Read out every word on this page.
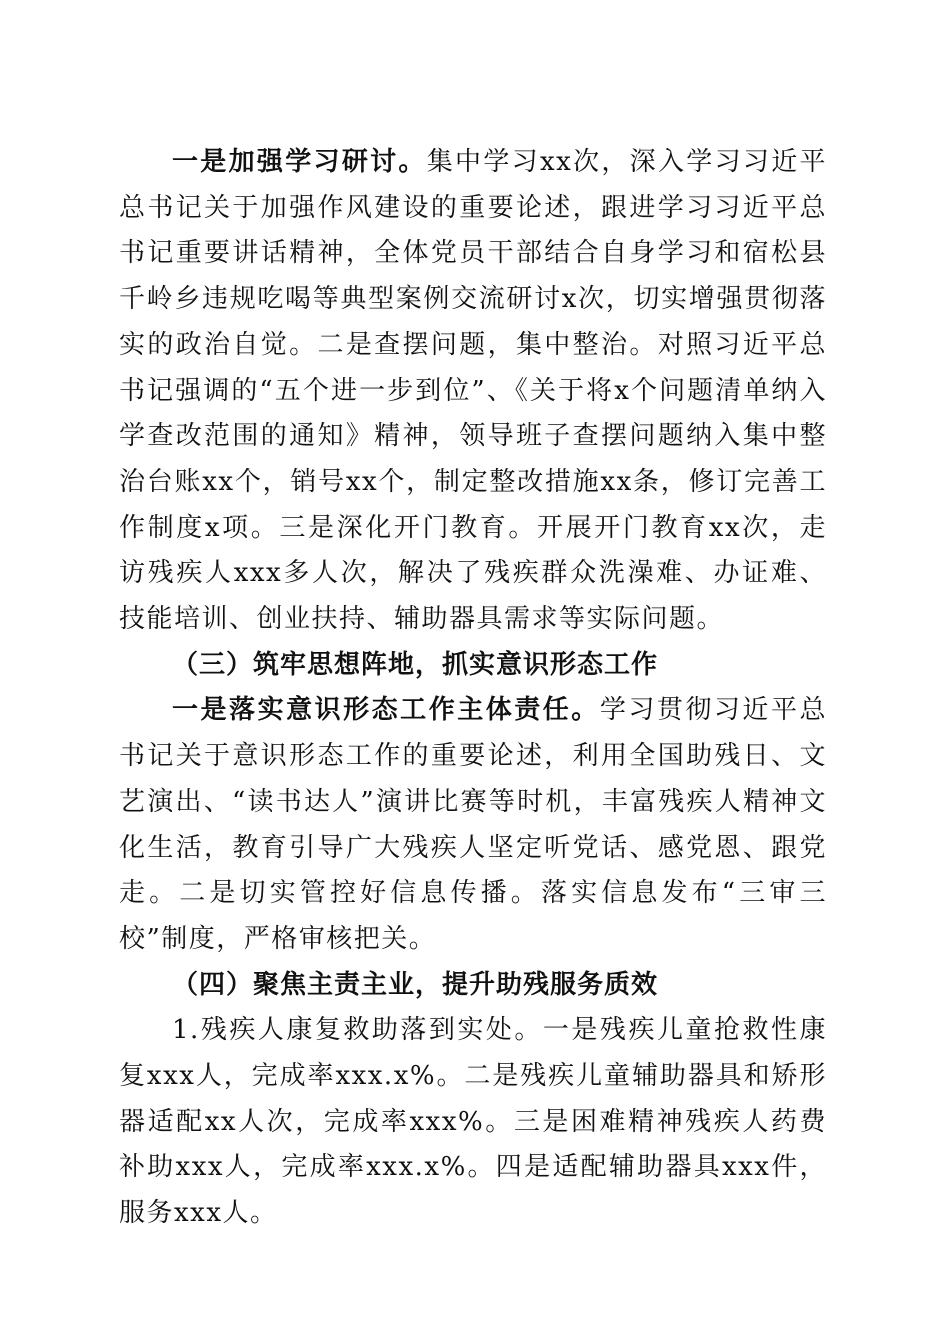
一是加强学习研讨。集中学习xx次，深入学习习近平总书记关于加强作风建设的重要论述，跟进学习习近平总书记重要讲话精神，全体党员干部结合自身学习和宿松县千岭乡违规吃喝等典型案例交流研讨x次，切实增强贯彻落实的政治自觉。二是查摆问题，集中整治。对照习近平总书记强调的“五个进一步到位”、《关于将x个问题清单纳入学查改范围的通知》精神，领导班子查摆问题纳入集中整治台账xx个，销号xx个，制定整改措施xx条，修订完善工作制度x项。三是深化开门教育。开展开门教育xx次，走访残疾人xxx多人次，解决了残疾群众洗澡难、办证难、技能培训、创业扶持、辅助器具需求等实际问题。

（三）筑牢思想阵地，抓实意识形态工作

一是落实意识形态工作主体责任。学习贯彻习近平总书记关于意识形态工作的重要论述，利用全国助残日、文艺演出、“读书达人”演讲比赛等时机，丰富残疾人精神文化生活，教育引导广大残疾人坚定听党话、感党恩、跟党走。二是切实管控好信息传播。落实信息发布“三审三校”制度，严格审核把关。

（四）聚焦主责主业，提升助残服务质效

1.残疾人康复救助落到实处。一是残疾儿童抢救性康复xxx人，完成率xxx.x%。二是残疾儿童辅助器具和矫形器适配xx人次，完成率xxx%。三是困难精神残疾人药费补助xxx人，完成率xxx.x%。四是适配辅助器具xxx件，服务xxx人。
